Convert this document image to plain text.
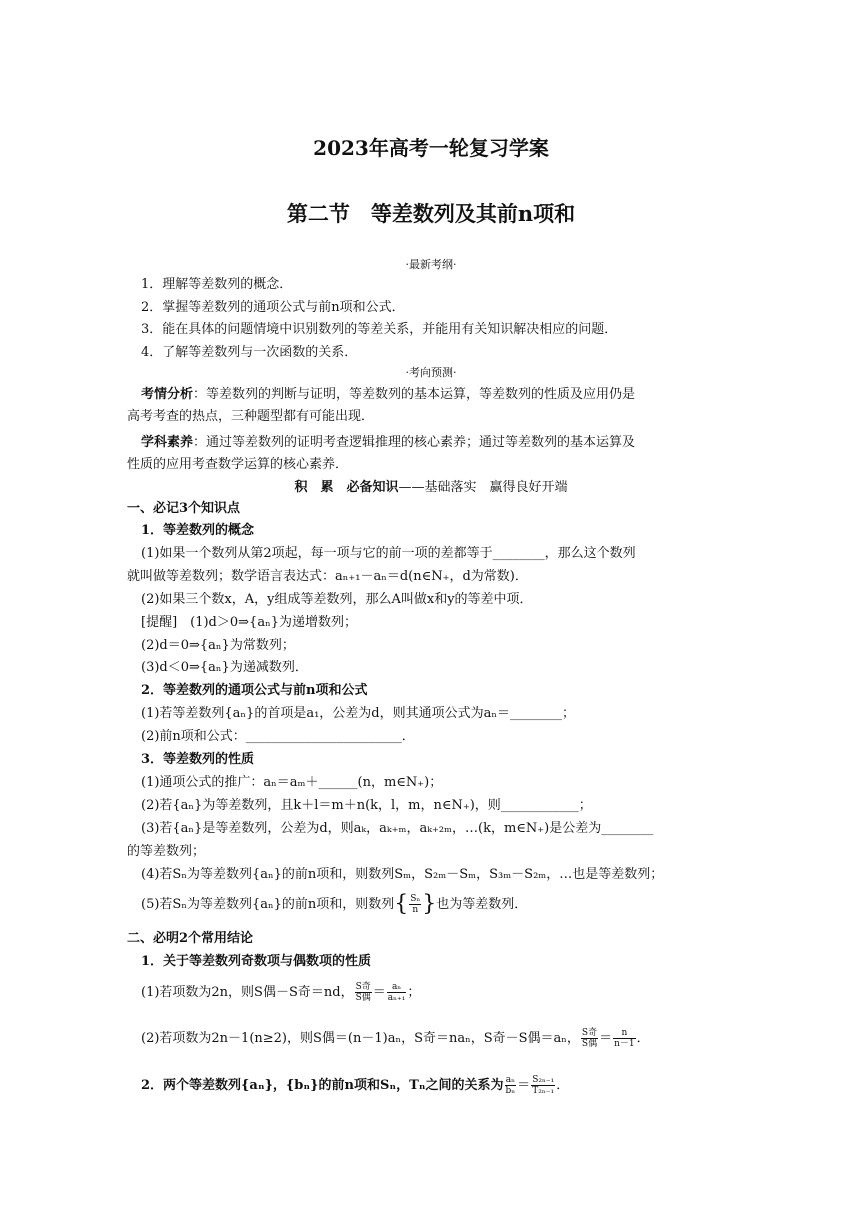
2023年高考一轮复习学案
第二节　等差数列及其前n项和
·最新考纲·
1．理解等差数列的概念．
2．掌握等差数列的通项公式与前n项和公式．
3．能在具体的问题情境中识别数列的等差关系，并能用有关知识解决相应的问题．
4．了解等差数列与一次函数的关系．
·考向预测·
考情分析：等差数列的判断与证明，等差数列的基本运算，等差数列的性质及应用仍是
高考考查的热点，三种题型都有可能出现．
学科素养：通过等差数列的证明考查逻辑推理的核心素养；通过等差数列的基本运算及
性质的应用考查数学运算的核心素养．
积　累　必备知识——基础落实　赢得良好开端
一、必记3个知识点
1．等差数列的概念
(1)如果一个数列从第2项起，每一项与它的前一项的差都等于________，那么这个数列
就叫做等差数列；数学语言表达式：aₙ₊₁－aₙ＝d(n∈N₊，d为常数)．
(2)如果三个数x，A，y组成等差数列，那么A叫做x和y的等差中项．
[提醒]　(1)d＞0⇒{aₙ}为递增数列；
(2)d＝0⇒{aₙ}为常数列；
(3)d＜0⇒{aₙ}为递减数列．
2．等差数列的通项公式与前n项和公式
(1)若等差数列{aₙ}的首项是a₁，公差为d，则其通项公式为aₙ＝________；
(2)前n项和公式：________________________．
3．等差数列的性质
(1)通项公式的推广：aₙ＝aₘ＋______(n，m∈N₊)；
(2)若{aₙ}为等差数列，且k＋l＝m＋n(k，l，m，n∈N₊)，则____________；
(3)若{aₙ}是等差数列，公差为d，则aₖ，aₖ₊ₘ，aₖ₊₂ₘ，…(k，m∈N₊)是公差为________
的等差数列；
(4)若Sₙ为等差数列{aₙ}的前n项和，则数列Sₘ，S₂ₘ－Sₘ，S₃ₘ－S₂ₘ，…也是等差数列；
(5)若Sₙ为等差数列{aₙ}的前n项和，则数列{ $\frac{\text{Sₙ}}{n}$ }也为等差数列．
二、必明2个常用结论
1．关于等差数列奇数项与偶数项的性质
(1)若项数为2n，则S偶－S奇＝nd， $\frac{\text{S奇}}{\text{S偶}} = \frac{\text{aₙ}}{\text{aₙ₊₁}}$ ；
(2)若项数为2n－1(n≥2)，则S偶＝(n－1)aₙ，S奇＝naₙ，S奇－S偶＝aₙ， $\frac{\text{S奇}}{\text{S偶}} = \frac{n}{n-1}$ ．
2．两个等差数列{aₙ}，{bₙ}的前n项和Sₙ，Tₙ之间的关系为 $\frac{\text{aₙ}}{\text{bₙ}} = \frac{\text{S₂ₙ₋₁}}{\text{T₂ₙ₋₁}}$ ．
